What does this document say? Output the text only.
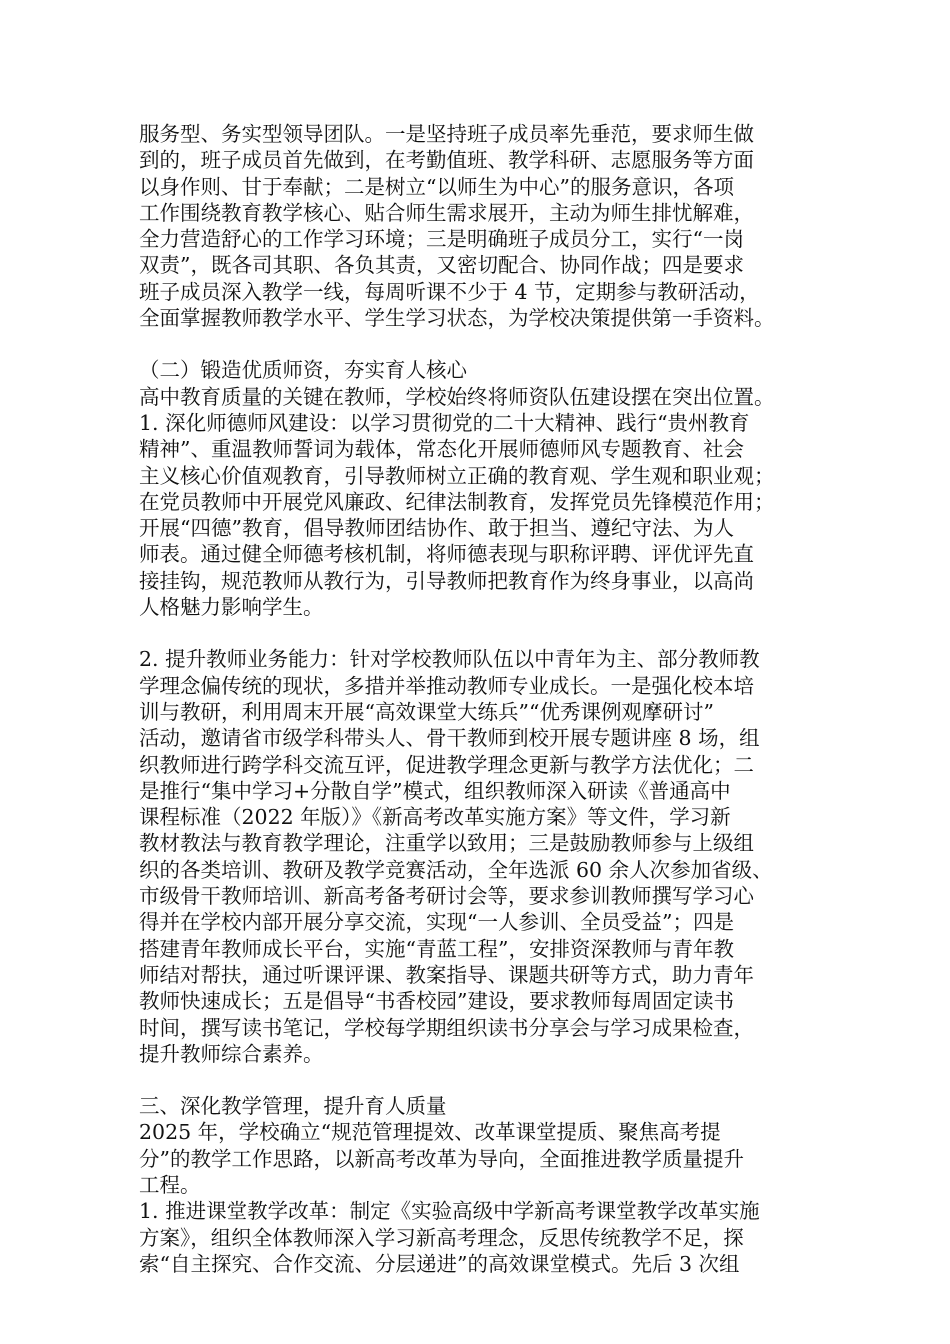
服务型、务实型领导团队。一是坚持班子成员率先垂范，要求师生做

到的，班子成员首先做到，在考勤值班、教学科研、志愿服务等方面

以身作则、甘于奉献；二是树立“以师生为中心”的服务意识，各项

工作围绕教育教学核心、贴合师生需求展开，主动为师生排忧解难，

全力营造舒心的工作学习环境；三是明确班子成员分工，实行“一岗

双责”，既各司其职、各负其责，又密切配合、协同作战；四是要求

班子成员深入教学一线，每周听课不少于 4 节，定期参与教研活动，

全面掌握教师教学水平、学生学习状态，为学校决策提供第一手资料。

（二）锻造优质师资，夯实育人核心

高中教育质量的关键在教师，学校始终将师资队伍建设摆在突出位置。

1. 深化师德师风建设：以学习贯彻党的二十大精神、践行“贵州教育

精神”、重温教师誓词为载体，常态化开展师德师风专题教育、社会

主义核心价值观教育，引导教师树立正确的教育观、学生观和职业观；

在党员教师中开展党风廉政、纪律法制教育，发挥党员先锋模范作用；

开展“四德”教育，倡导教师团结协作、敢于担当、遵纪守法、为人

师表。通过健全师德考核机制，将师德表现与职称评聘、评优评先直

接挂钩，规范教师从教行为，引导教师把教育作为终身事业，以高尚

人格魅力影响学生。

2. 提升教师业务能力：针对学校教师队伍以中青年为主、部分教师教

学理念偏传统的现状，多措并举推动教师专业成长。一是强化校本培

训与教研，利用周末开展“高效课堂大练兵”“优秀课例观摩研讨”

活动，邀请省市级学科带头人、骨干教师到校开展专题讲座 8 场，组

织教师进行跨学科交流互评，促进教学理念更新与教学方法优化；二

是推行“集中学习+分散自学”模式，组织教师深入研读《普通高中

课程标准（2022 年版）》《新高考改革实施方案》等文件，学习新

教材教法与教育教学理论，注重学以致用；三是鼓励教师参与上级组

织的各类培训、教研及教学竞赛活动，全年选派 60 余人次参加省级、

市级骨干教师培训、新高考备考研讨会等，要求参训教师撰写学习心

得并在学校内部开展分享交流，实现“一人参训、全员受益”；四是

搭建青年教师成长平台，实施“青蓝工程”，安排资深教师与青年教

师结对帮扶，通过听课评课、教案指导、课题共研等方式，助力青年

教师快速成长；五是倡导“书香校园”建设，要求教师每周固定读书

时间，撰写读书笔记，学校每学期组织读书分享会与学习成果检查，

提升教师综合素养。

三、深化教学管理，提升育人质量

2025 年，学校确立“规范管理提效、改革课堂提质、聚焦高考提

分”的教学工作思路，以新高考改革为导向，全面推进教学质量提升

工程。

1. 推进课堂教学改革：制定《实验高级中学新高考课堂教学改革实施

方案》，组织全体教师深入学习新高考理念，反思传统教学不足，探

索“自主探究、合作交流、分层递进”的高效课堂模式。先后 3 次组
